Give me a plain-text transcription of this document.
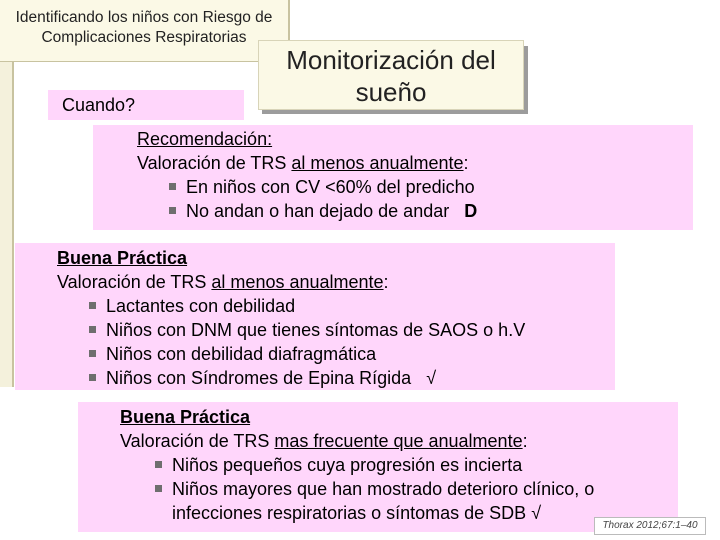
Identificando los niños con Riesgo de
Complicaciones Respiratorias
Cuando?
Monitorización del
sueño
Recomendación:
Valoración de TRS al menos anualmente:
En niños con CV <60% del predicho
No andan o han dejado de andar D
Buena Práctica
Valoración de TRS al menos anualmente:
Lactantes con debilidad
Niños con DNM que tienes síntomas de SAOS o h.V
Niños con debilidad diafragmática
Niños con Síndromes de Epina Rígida √
Buena Práctica
Valoración de TRS mas frecuente que anualmente:
Niños pequeños cuya progresión es incierta
Niños mayores que han mostrado deterioro clínico, o
infecciones respiratorias o síntomas de SDB √
Thorax 2012;67:1–40
